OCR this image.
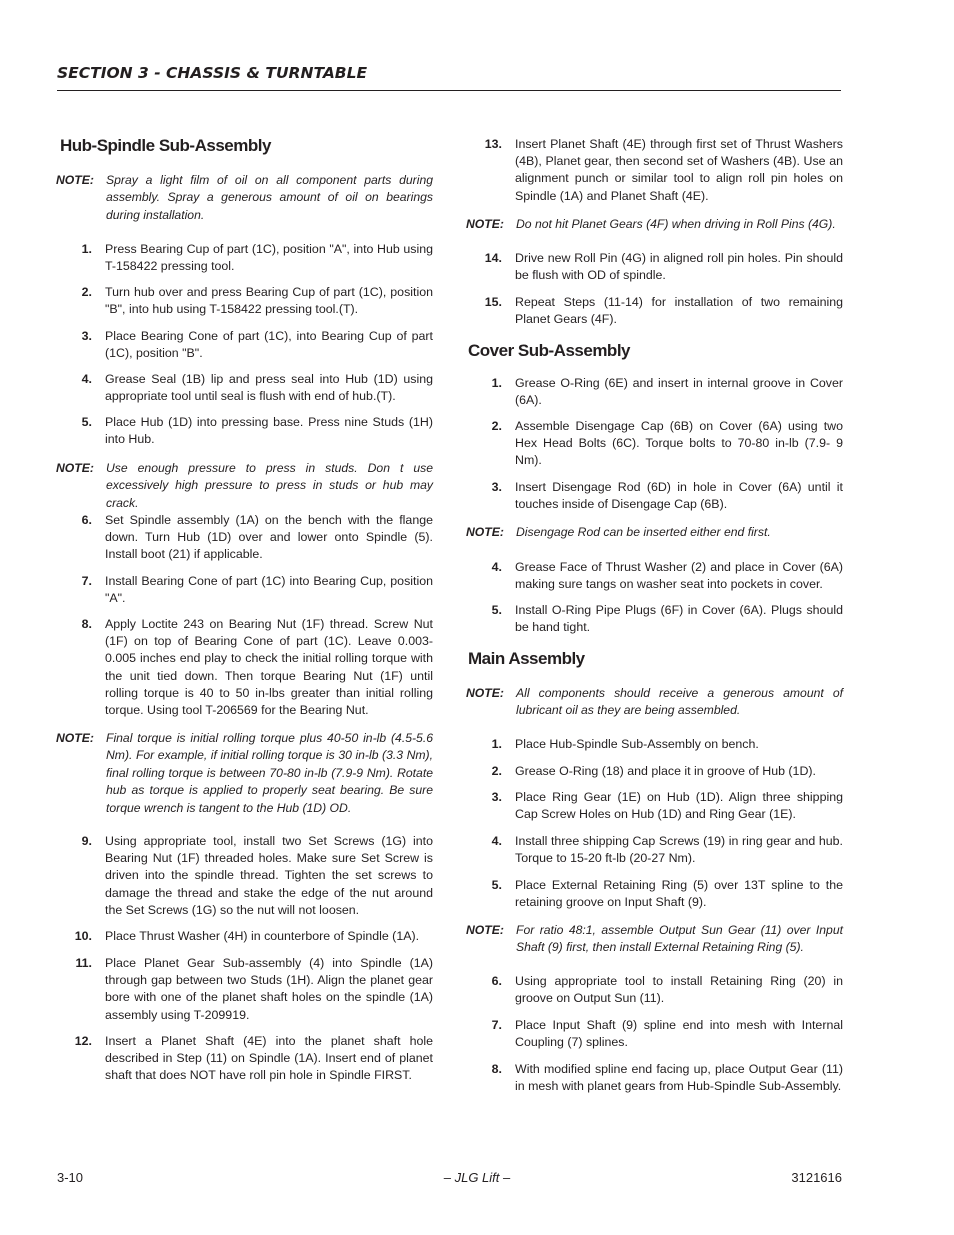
SECTION 3 - CHASSIS & TURNTABLE
Hub-Spindle Sub-Assembly
NOTE: Spray a light film of oil on all component parts during assembly. Spray a generous amount of oil on bearings during installation.
1. Press Bearing Cup of part (1C), position "A", into Hub using T-158422 pressing tool.
2. Turn hub over and press Bearing Cup of part (1C), position "B", into hub using T-158422 pressing tool.(T).
3. Place Bearing Cone of part (1C), into Bearing Cup of part (1C), position "B".
4. Grease Seal (1B) lip and press seal into Hub (1D) using appropriate tool until seal is flush with end of hub.(T).
5. Place Hub (1D) into pressing base. Press nine Studs (1H) into Hub.
NOTE: Use enough pressure to press in studs. Don t use excessively high pressure to press in studs or hub may crack.
6. Set Spindle assembly (1A) on the bench with the flange down. Turn Hub (1D) over and lower onto Spindle (5). Install boot (21) if applicable.
7. Install Bearing Cone of part (1C) into Bearing Cup, position "A".
8. Apply Loctite 243 on Bearing Nut (1F) thread. Screw Nut (1F) on top of Bearing Cone of part (1C). Leave 0.003-0.005 inches end play to check the initial rolling torque with the unit tied down. Then torque Bearing Nut (1F) until rolling torque is 40 to 50 in-lbs greater than initial rolling torque. Using tool T-206569 for the Bearing Nut.
NOTE: Final torque is initial rolling torque plus 40-50 in-lb (4.5-5.6 Nm). For example, if initial rolling torque is 30 in-lb (3.3 Nm), final rolling torque is between 70-80 in-lb (7.9-9 Nm). Rotate hub as torque is applied to properly seat bearing. Be sure torque wrench is tangent to the Hub (1D) OD.
9. Using appropriate tool, install two Set Screws (1G) into Bearing Nut (1F) threaded holes. Make sure Set Screw is driven into the spindle thread. Tighten the set screws to damage the thread and stake the edge of the nut around the Set Screws (1G) so the nut will not loosen.
10. Place Thrust Washer (4H) in counterbore of Spindle (1A).
11. Place Planet Gear Sub-assembly (4) into Spindle (1A) through gap between two Studs (1H). Align the planet gear bore with one of the planet shaft holes on the spindle (1A) assembly using T-209919.
12. Insert a Planet Shaft (4E) into the planet shaft hole described in Step (11) on Spindle (1A). Insert end of planet shaft that does NOT have roll pin hole in Spindle FIRST.
13. Insert Planet Shaft (4E) through first set of Thrust Washers (4B), Planet gear, then second set of Washers (4B). Use an alignment punch or similar tool to align roll pin holes on Spindle (1A) and Planet Shaft (4E).
NOTE: Do not hit Planet Gears (4F) when driving in Roll Pins (4G).
14. Drive new Roll Pin (4G) in aligned roll pin holes. Pin should be flush with OD of spindle.
15. Repeat Steps (11-14) for installation of two remaining Planet Gears (4F).
Cover Sub-Assembly
1. Grease O-Ring (6E) and insert in internal groove in Cover (6A).
2. Assemble Disengage Cap (6B) on Cover (6A) using two Hex Head Bolts (6C). Torque bolts to 70-80 in-lb (7.9- 9 Nm).
3. Insert Disengage Rod (6D) in hole in Cover (6A) until it touches inside of Disengage Cap (6B).
NOTE: Disengage Rod can be inserted either end first.
4. Grease Face of Thrust Washer (2) and place in Cover (6A) making sure tangs on washer seat into pockets in cover.
5. Install O-Ring Pipe Plugs (6F) in Cover (6A). Plugs should be hand tight.
Main Assembly
NOTE: All components should receive a generous amount of lubricant oil as they are being assembled.
1. Place Hub-Spindle Sub-Assembly on bench.
2. Grease O-Ring (18) and place it in groove of Hub (1D).
3. Place Ring Gear (1E) on Hub (1D). Align three shipping Cap Screw Holes on Hub (1D) and Ring Gear (1E).
4. Install three shipping Cap Screws (19) in ring gear and hub. Torque to 15-20 ft-lb (20-27 Nm).
5. Place External Retaining Ring (5) over 13T spline to the retaining groove on Input Shaft (9).
NOTE: For ratio 48:1, assemble Output Sun Gear (11) over Input Shaft (9) first, then install External Retaining Ring (5).
6. Using appropriate tool to install Retaining Ring (20) in groove on Output Sun (11).
7. Place Input Shaft (9) spline end into mesh with Internal Coupling (7) splines.
8. With modified spline end facing up, place Output Gear (11) in mesh with planet gears from Hub-Spindle Sub-Assembly.
3-10	– JLG Lift –	3121616
